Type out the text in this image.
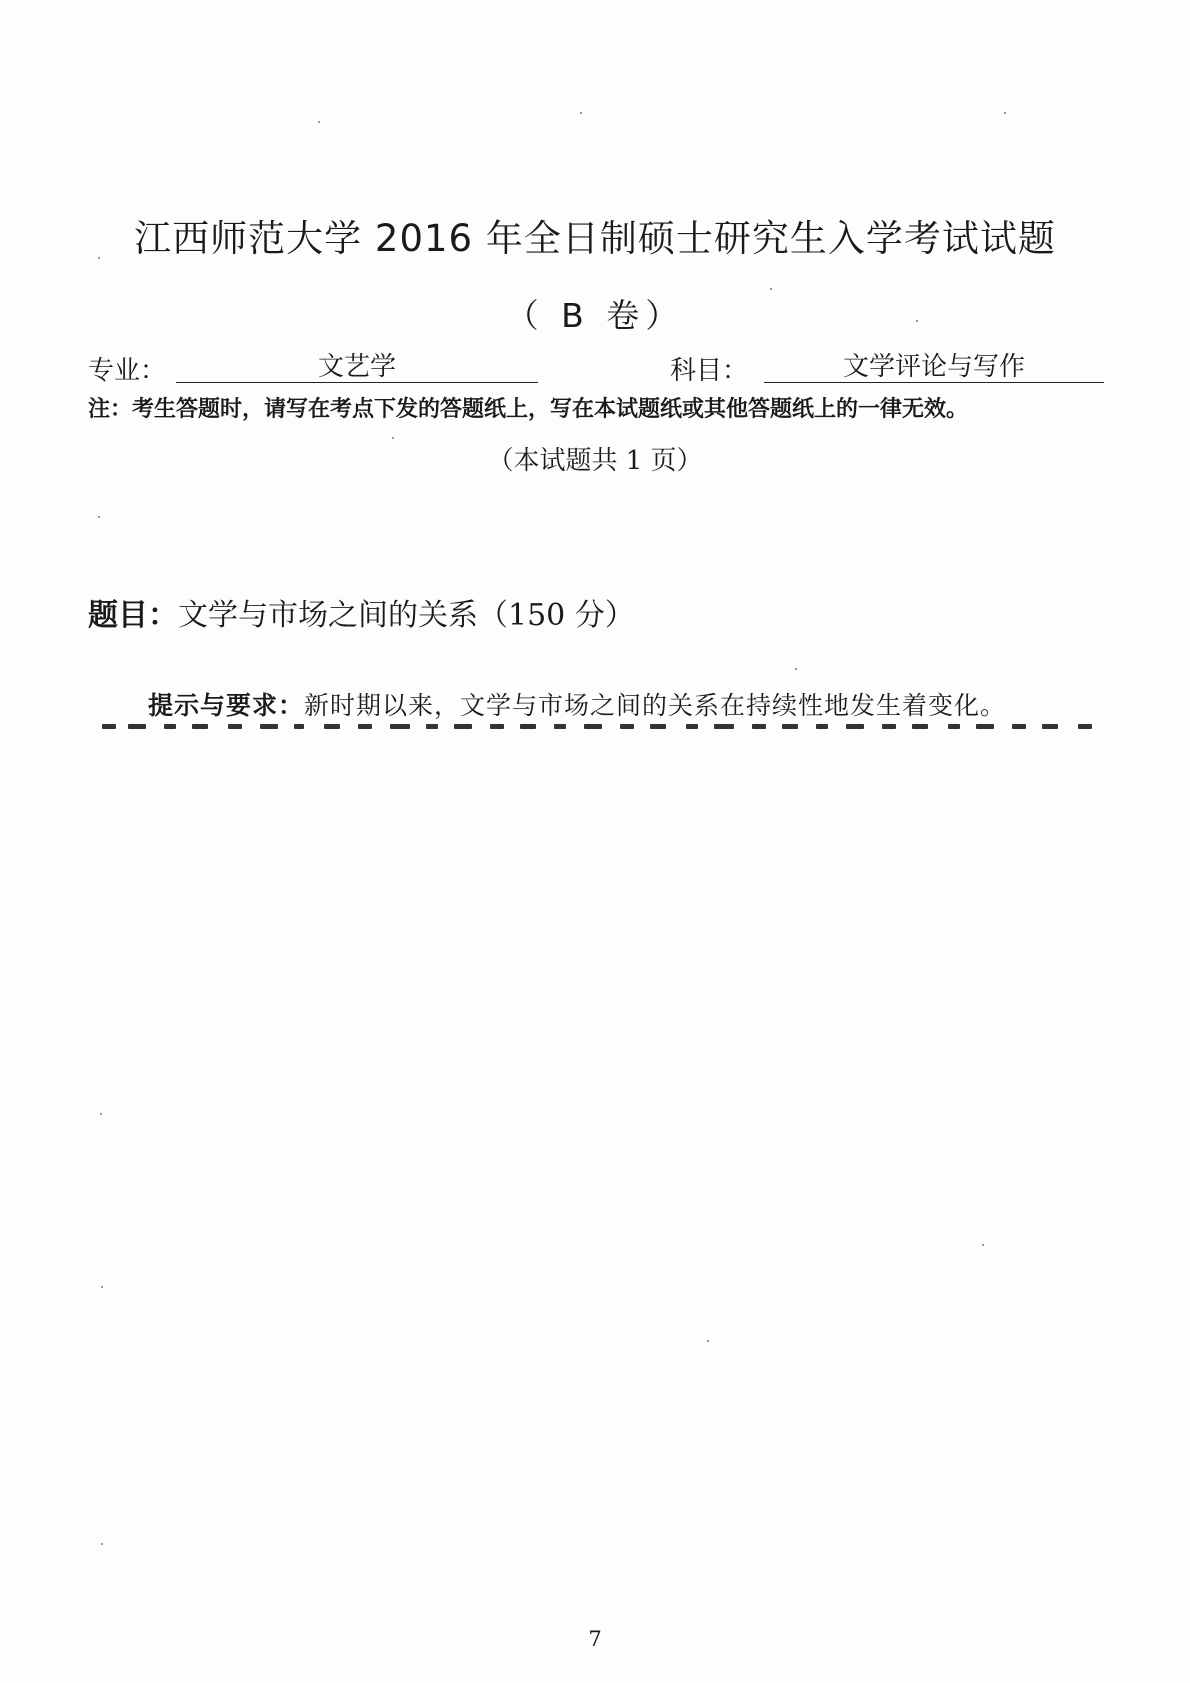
江西师范大学 2016 年全日制硕士研究生入学考试试题
（ B 卷）
专业：	文艺学	科目：	文学评论与写作
注：考生答题时，请写在考点下发的答题纸上，写在本试题纸或其他答题纸上的一律无效。
（本试题共 1 页）
题目：文学与市场之间的关系（150 分）
提示与要求：新时期以来，文学与市场之间的关系在持续性地发生着变化。
7
